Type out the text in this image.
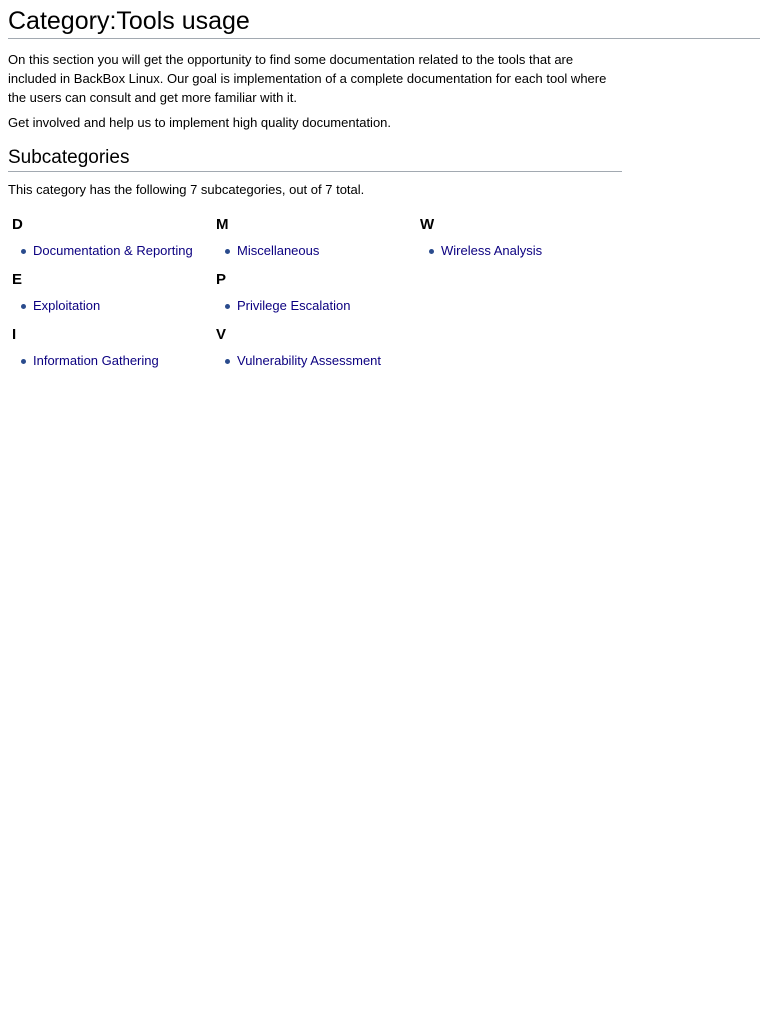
Category:Tools usage

On this section you will get the opportunity to find some documentation related to the tools that are included in BackBox Linux. Our goal is implementation of a complete documentation for each tool where the users can consult and get more familiar with it.

Get involved and help us to implement high quality documentation.

Subcategories

This category has the following 7 subcategories, out of 7 total.

D
Documentation & Reporting
E
Exploitation
I
Information Gathering
M
Miscellaneous
P
Privilege Escalation
V
Vulnerability Assessment
W
Wireless Analysis
